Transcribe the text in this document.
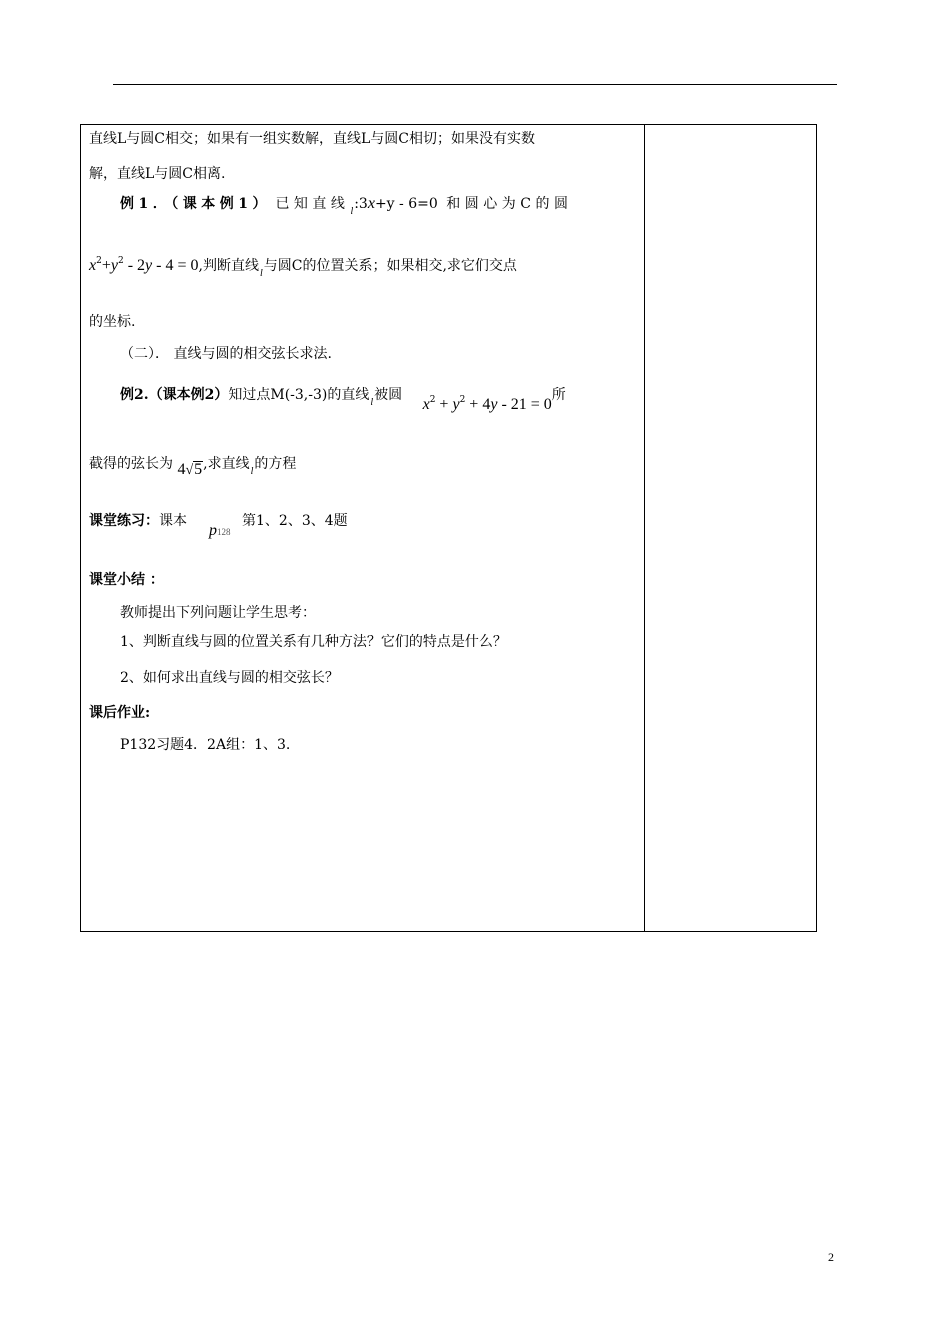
直线L与圆C相交；如果有一组实数解，直线L与圆C相切；如果没有实数
解，直线L与圆C相离.
例1．（课本例1） 已知直线$_l$:3x+y - 6=0 和圆心为C的圆
$x^2+y^2 - 2y - 4 = 0$,判断直线$_l$与圆C的位置关系；如果相交,求它们交点
的坐标.
（二）． 直线与圆的相交弦长求法.
例2.（课本例2）知过点M(-3,-3)的直线$_l$被圆 $x^2 + y^2 + 4y - 21 = 0$所
截得的弦长为 4√5,求直线$_l$的方程
课堂练习：课本
p128
第1、2、3、4题
课堂小结 ：
教师提出下列问题让学生思考：
1、判断直线与圆的位置关系有几种方法？它们的特点是什么？
2、如何求出直线与圆的相交弦长？
课后作业:
P132习题4．2A组：1、3.
2
